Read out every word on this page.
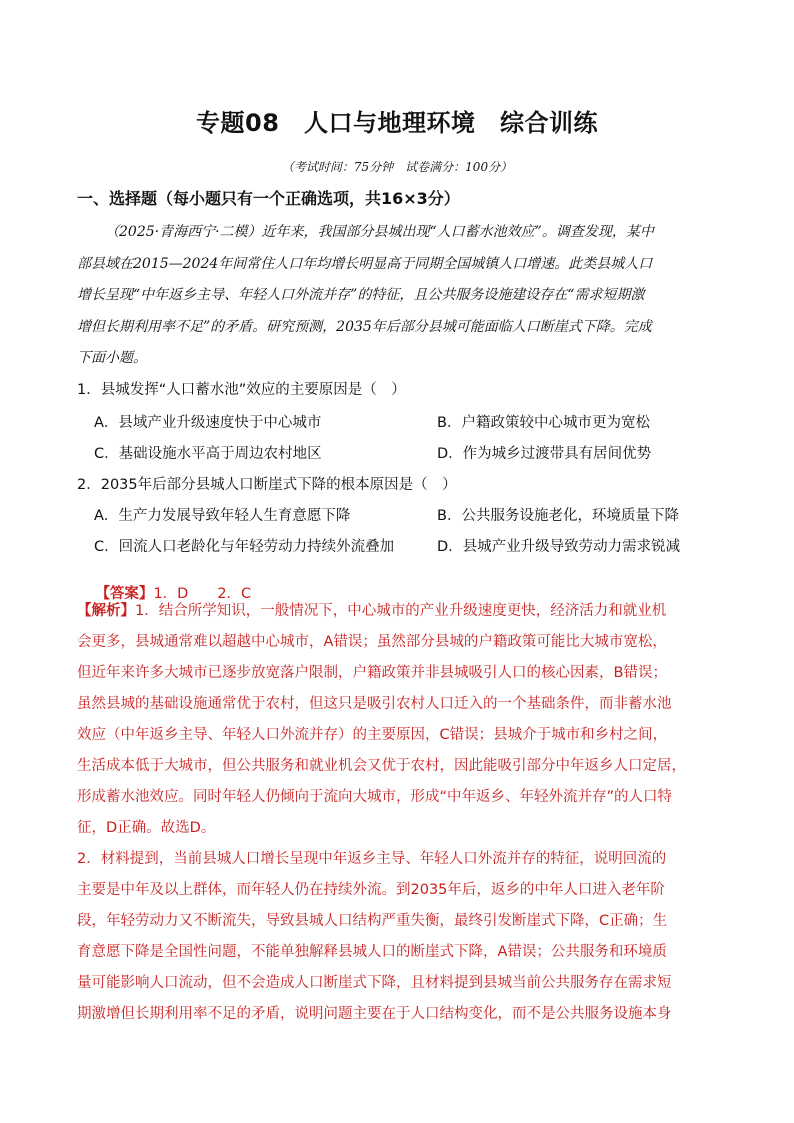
专题08　人口与地理环境　综合训练
（考试时间：75分钟　试卷满分：100分）
一、选择题（每小题只有一个正确选项，共16×3分）
（2025·青海西宁·二模）近年来，我国部分县城出现“人口蓄水池效应”。调查发现，某中
部县域在2015—2024年间常住人口年均增长明显高于同期全国城镇人口增速。此类县城人口
增长呈现“中年返乡主导、年轻人口外流并存”的特征，且公共服务设施建设存在“需求短期激
增但长期利用率不足”的矛盾。研究预测，2035年后部分县城可能面临人口断崖式下降。完成
下面小题。
1．县城发挥“人口蓄水池”效应的主要原因是（　）
A．县域产业升级速度快于中心城市	B．户籍政策较中心城市更为宽松
C．基础设施水平高于周边农村地区	D．作为城乡过渡带具有居间优势
2．2035年后部分县城人口断崖式下降的根本原因是（　）
A．生产力发展导致年轻人生育意愿下降	B．公共服务设施老化，环境质量下降
C．回流人口老龄化与年轻劳动力持续外流叠加	D．县城产业升级导致劳动力需求锐减

【答案】1．D　　2．C

【解析】1．结合所学知识，一般情况下，中心城市的产业升级速度更快，经济活力和就业机
会更多，县城通常难以超越中心城市，A错误；虽然部分县城的户籍政策可能比大城市宽松，
但近年来许多大城市已逐步放宽落户限制，户籍政策并非县城吸引人口的核心因素，B错误；
虽然县城的基础设施通常优于农村，但这只是吸引农村人口迁入的一个基础条件，而非蓄水池
效应（中年返乡主导、年轻人口外流并存）的主要原因，C错误；县城介于城市和乡村之间，
生活成本低于大城市，但公共服务和就业机会又优于农村，因此能吸引部分中年返乡人口定居，
形成蓄水池效应。同时年轻人仍倾向于流向大城市，形成“中年返乡、年轻外流并存”的人口特
征，D正确。故选D。
2．材料提到，当前县城人口增长呈现中年返乡主导、年轻人口外流并存的特征，说明回流的
主要是中年及以上群体，而年轻人仍在持续外流。到2035年后，返乡的中年人口进入老年阶
段，年轻劳动力又不断流失，导致县城人口结构严重失衡，最终引发断崖式下降，C正确；生
育意愿下降是全国性问题，不能单独解释县城人口的断崖式下降，A错误；公共服务和环境质
量可能影响人口流动，但不会造成人口断崖式下降，且材料提到县城当前公共服务存在需求短
期激增但长期利用率不足的矛盾，说明问题主要在于人口结构变化，而不是公共服务设施本身
